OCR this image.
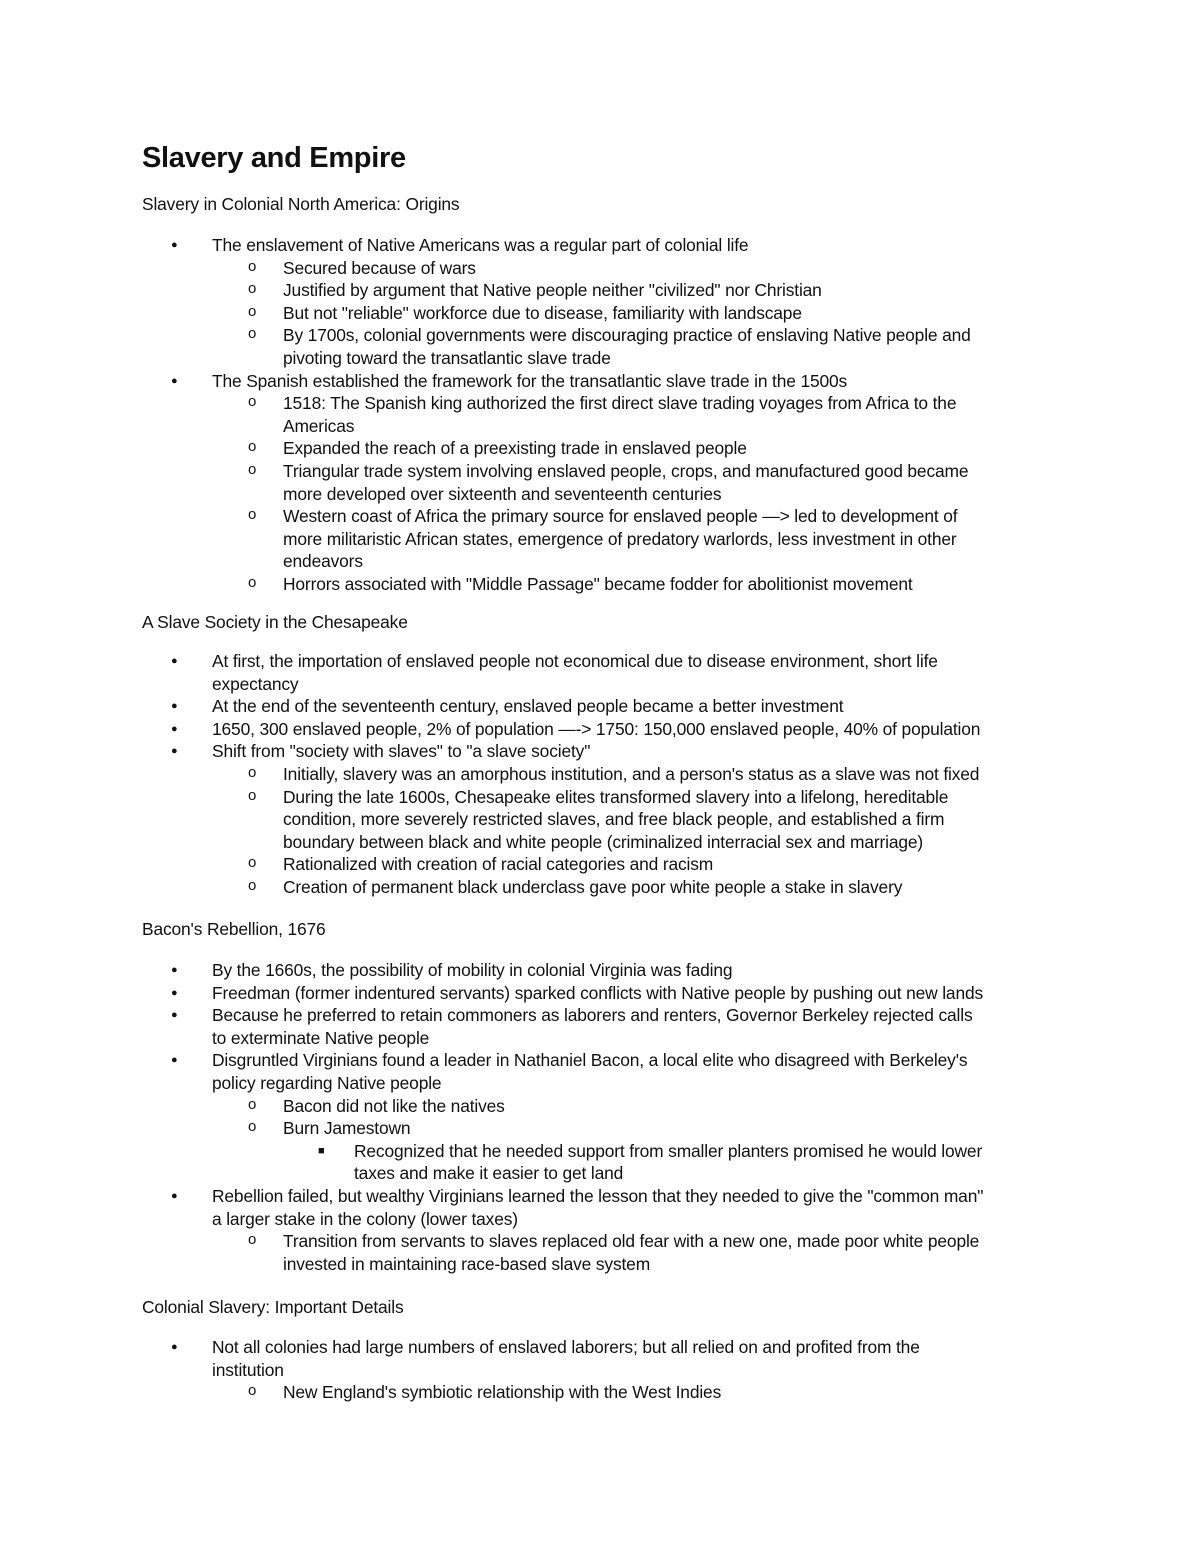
Slavery and Empire
Slavery in Colonial North America: Origins
● The enslavement of Native Americans was a regular part of colonial life
o Secured because of wars
o Justified by argument that Native people neither "civilized" nor Christian
o But not "reliable" workforce due to disease, familiarity with landscape
o By 1700s, colonial governments were discouraging practice of enslaving Native people and
pivoting toward the transatlantic slave trade
● The Spanish established the framework for the transatlantic slave trade in the 1500s
o 1518: The Spanish king authorized the first direct slave trading voyages from Africa to the
Americas
o Expanded the reach of a preexisting trade in enslaved people
o Triangular trade system involving enslaved people, crops, and manufactured good became
more developed over sixteenth and seventeenth centuries
o Western coast of Africa the primary source for enslaved people —> led to development of
more militaristic African states, emergence of predatory warlords, less investment in other
endeavors
o Horrors associated with "Middle Passage" became fodder for abolitionist movement
A Slave Society in the Chesapeake
● At first, the importation of enslaved people not economical due to disease environment, short life
expectancy
● At the end of the seventeenth century, enslaved people became a better investment
● 1650, 300 enslaved people, 2% of population —-> 1750: 150,000 enslaved people, 40% of population
● Shift from "society with slaves" to "a slave society"
o Initially, slavery was an amorphous institution, and a person's status as a slave was not fixed
o During the late 1600s, Chesapeake elites transformed slavery into a lifelong, hereditable
condition, more severely restricted slaves, and free black people, and established a firm
boundary between black and white people (criminalized interracial sex and marriage)
o Rationalized with creation of racial categories and racism
o Creation of permanent black underclass gave poor white people a stake in slavery
Bacon's Rebellion, 1676
● By the 1660s, the possibility of mobility in colonial Virginia was fading
● Freedman (former indentured servants) sparked conflicts with Native people by pushing out new lands
● Because he preferred to retain commoners as laborers and renters, Governor Berkeley rejected calls
to exterminate Native people
● Disgruntled Virginians found a leader in Nathaniel Bacon, a local elite who disagreed with Berkeley's
policy regarding Native people
o Bacon did not like the natives
o Burn Jamestown
■ Recognized that he needed support from smaller planters promised he would lower
taxes and make it easier to get land
● Rebellion failed, but wealthy Virginians learned the lesson that they needed to give the "common man"
a larger stake in the colony (lower taxes)
o Transition from servants to slaves replaced old fear with a new one, made poor white people
invested in maintaining race-based slave system
Colonial Slavery: Important Details
● Not all colonies had large numbers of enslaved laborers; but all relied on and profited from the
institution
o New England's symbiotic relationship with the West Indies
